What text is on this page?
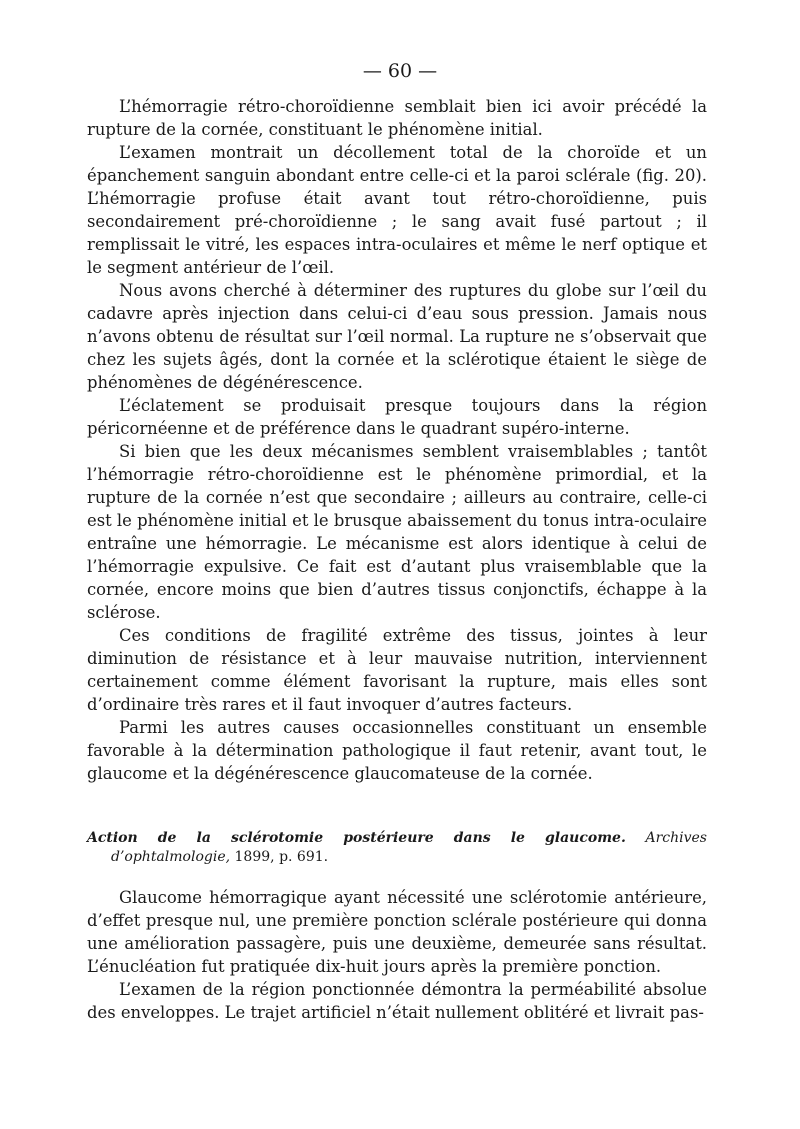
— 60 —

L’hémorragie rétro-choroïdienne semblait bien ici avoir précédé la rupture de la cornée, constituant le phénomène initial.

L’examen montrait un décollement total de la choroïde et un épanchement sanguin abondant entre celle-ci et la paroi sclérale (fig. 20). L’hémorragie profuse était avant tout rétro-choroïdienne, puis secondairement pré-choroïdienne ; le sang avait fusé partout ; il remplissait le vitré, les espaces intra-oculaires et même le nerf optique et le segment antérieur de l’œil.

Nous avons cherché à déterminer des ruptures du globe sur l’œil du cadavre après injection dans celui-ci d’eau sous pression. Jamais nous n’avons obtenu de résultat sur l’œil normal. La rupture ne s’observait que chez les sujets âgés, dont la cornée et la sclérotique étaient le siège de phénomènes de dégénérescence.

L’éclatement se produisait presque toujours dans la région péricornéenne et de préférence dans le quadrant supéro-interne.

Si bien que les deux mécanismes semblent vraisemblables ; tantôt l’hémorragie rétro-choroïdienne est le phénomène primordial, et la rupture de la cornée n’est que secondaire ; ailleurs au contraire, celle-ci est le phénomène initial et le brusque abaissement du tonus intra-oculaire entraîne une hémorragie. Le mécanisme est alors identique à celui de l’hémorragie expulsive. Ce fait est d’autant plus vraisemblable que la cornée, encore moins que bien d’autres tissus conjonctifs, échappe à la sclérose.

Ces conditions de fragilité extrême des tissus, jointes à leur diminution de résistance et à leur mauvaise nutrition, interviennent certainement comme élément favorisant la rupture, mais elles sont d’ordinaire très rares et il faut invoquer d’autres facteurs.

Parmi les autres causes occasionnelles constituant un ensemble favorable à la détermination pathologique il faut retenir, avant tout, le glaucome et la dégénérescence glaucomateuse de la cornée.

Action de la sclérotomie postérieure dans le glaucome. Archives d’ophtalmologie, 1899, p. 691.

Glaucome hémorragique ayant nécessité une sclérotomie antérieure, d’effet presque nul, une première ponction sclérale postérieure qui donna une amélioration passagère, puis une deuxième, demeurée sans résultat. L’énucléation fut pratiquée dix-huit jours après la première ponction.

L’examen de la région ponctionnée démontra la perméabilité absolue des enveloppes. Le trajet artificiel n’était nullement oblitéré et livrait pas-
